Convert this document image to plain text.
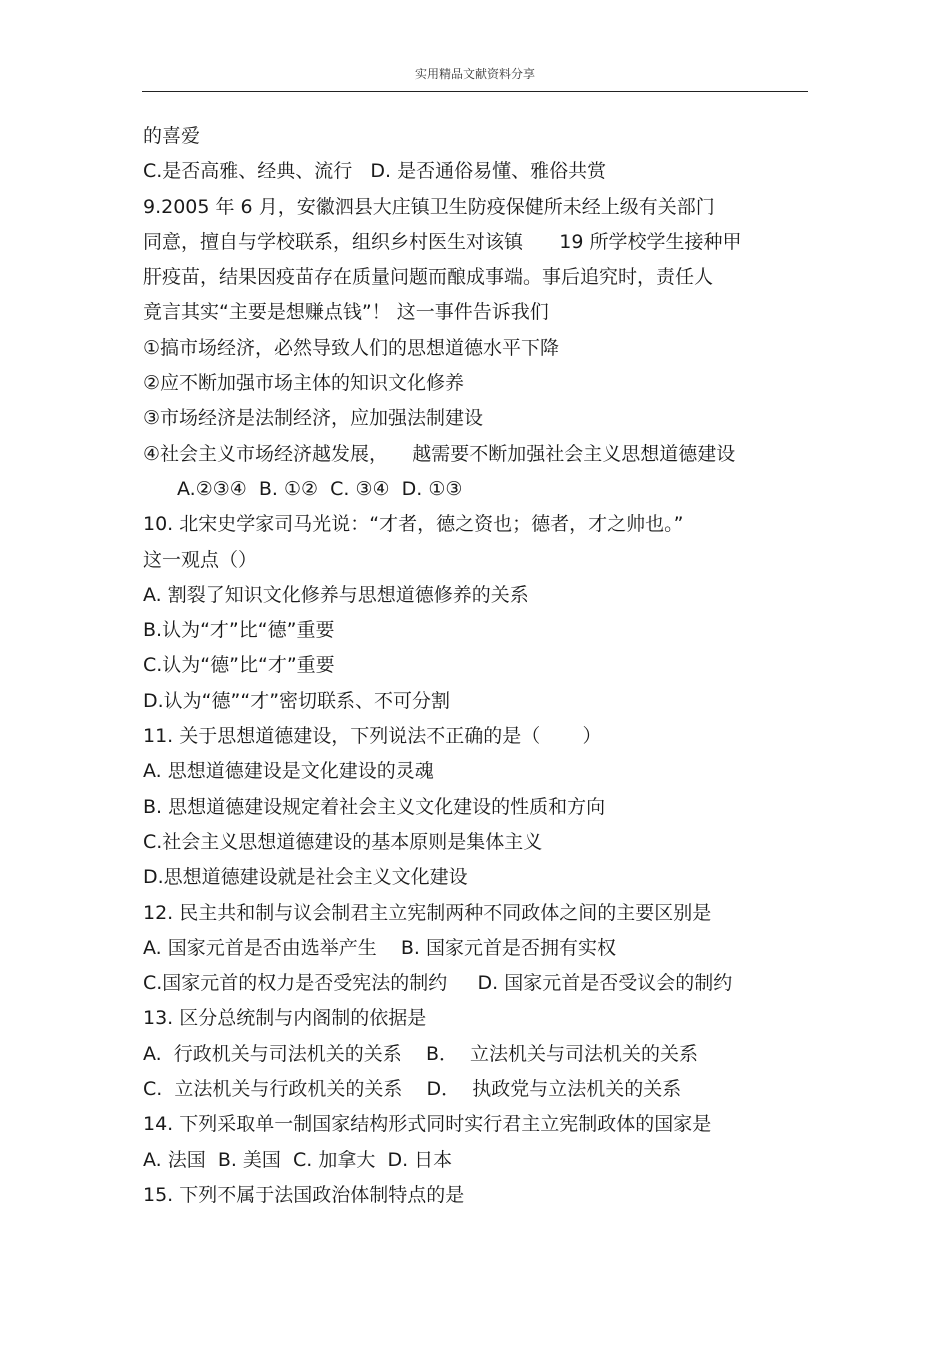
实用精品文献资料分享
的喜爱
C.是否高雅、经典、流行   D. 是否通俗易懂、雅俗共赏
9.2005 年 6 月，安徽泗县大庄镇卫生防疫保健所未经上级有关部门
同意，擅自与学校联系，组织乡村医生对该镇      19 所学校学生接种甲
肝疫苗，结果因疫苗存在质量问题而酿成事端。事后追究时，责任人
竟言其实“主要是想赚点钱”！ 这一事件告诉我们
①搞市场经济，必然导致人们的思想道德水平下降
②应不断加强市场主体的知识文化修养
③市场经济是法制经济，应加强法制建设
④社会主义市场经济越发展，    越需要不断加强社会主义思想道德建设
A.②③④  B. ①②  C. ③④  D. ①③
10. 北宋史学家司马光说：“才者，德之资也；德者，才之帅也。”
这一观点（）
A. 割裂了知识文化修养与思想道德修养的关系
B.认为“才”比“德”重要
C.认为“德”比“才”重要
D.认为“德”“才”密切联系、不可分割
11. 关于思想道德建设，下列说法不正确的是（       ）
A. 思想道德建设是文化建设的灵魂
B. 思想道德建设规定着社会主义文化建设的性质和方向
C.社会主义思想道德建设的基本原则是集体主义
D.思想道德建设就是社会主义文化建设
12. 民主共和制与议会制君主立宪制两种不同政体之间的主要区别是
A. 国家元首是否由选举产生    B. 国家元首是否拥有实权
C.国家元首的权力是否受宪法的制约     D. 国家元首是否受议会的制约
13. 区分总统制与内阁制的依据是
A.  行政机关与司法机关的关系    B．  立法机关与司法机关的关系
C.  立法机关与行政机关的关系    D．  执政党与立法机关的关系
14. 下列采取单一制国家结构形式同时实行君主立宪制政体的国家是
A. 法国  B. 美国  C. 加拿大  D. 日本
15. 下列不属于法国政治体制特点的是
